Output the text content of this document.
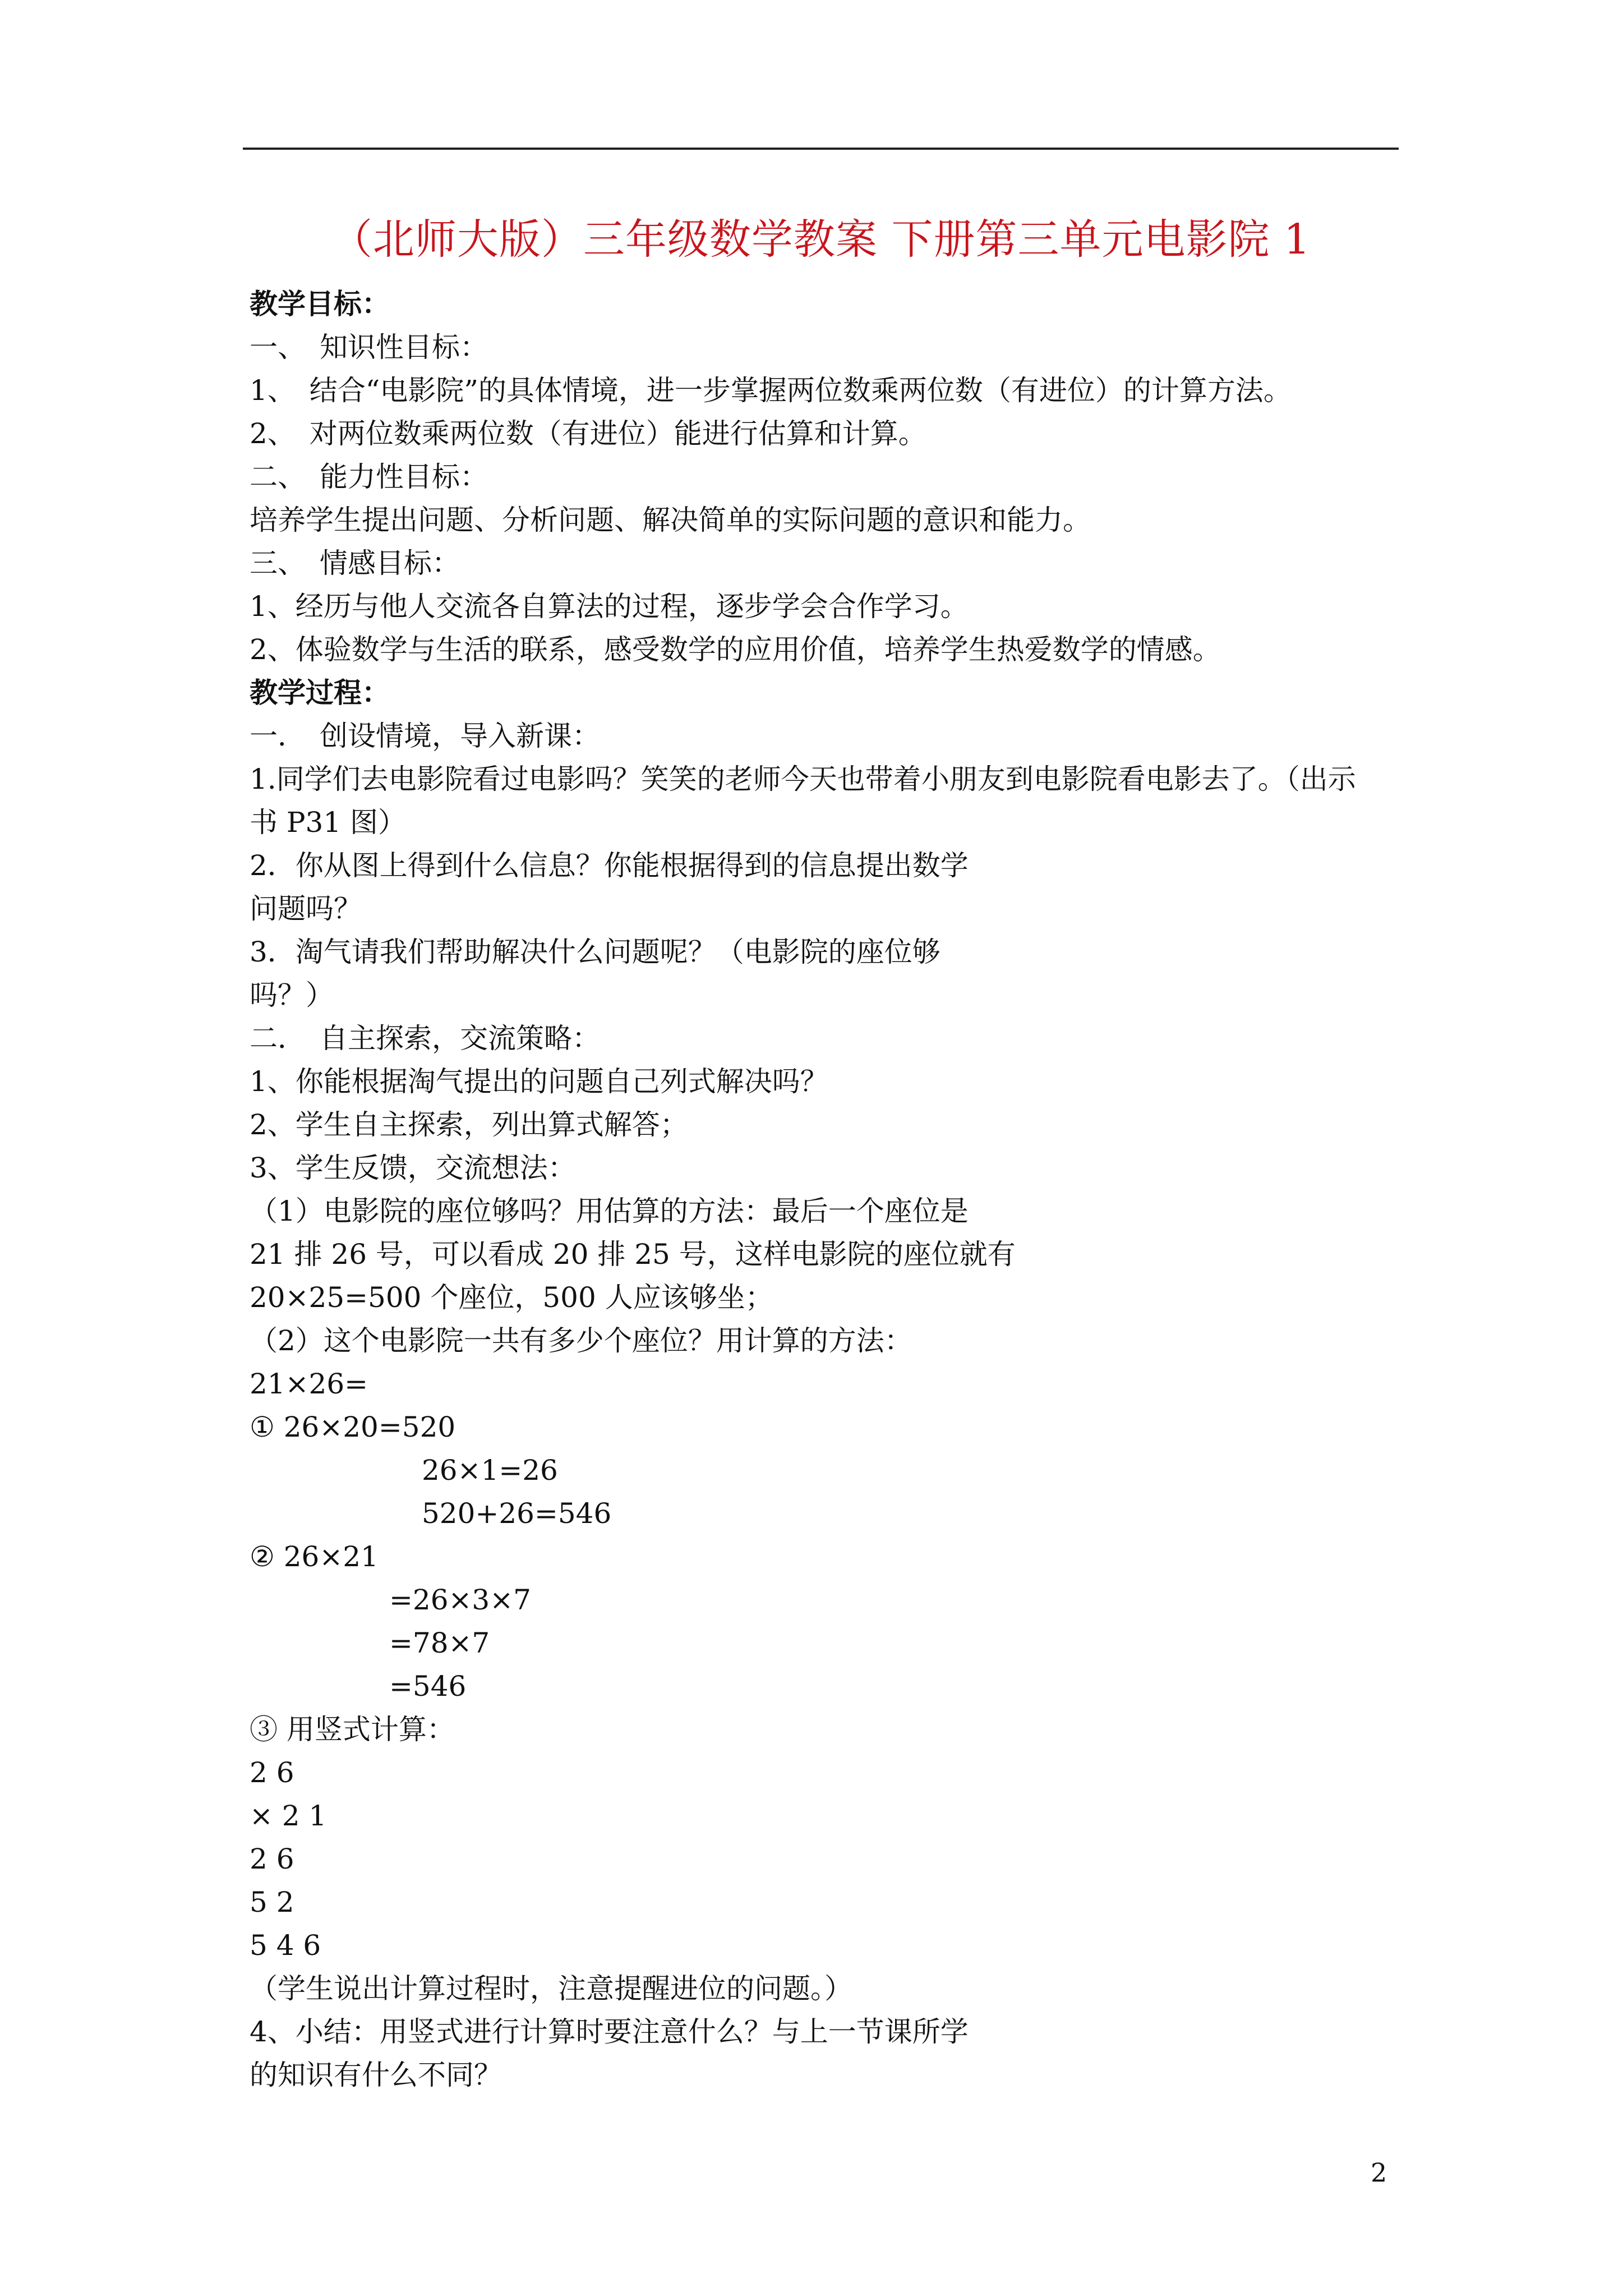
（北师大版）三年级数学教案 下册第三单元电影院 1
教学目标：
一、　知识性目标：
1、　结合“电影院”的具体情境，进一步掌握两位数乘两位数（有进位）的计算方法。
2、　对两位数乘两位数（有进位）能进行估算和计算。
二、　能力性目标：
培养学生提出问题、分析问题、解决简单的实际问题的意识和能力。
三、　情感目标：
1、经历与他人交流各自算法的过程，逐步学会合作学习。
2、体验数学与生活的联系，感受数学的应用价值，培养学生热爱数学的情感。
教学过程：
一．　创设情境，导入新课：
1.同学们去电影院看过电影吗？笑笑的老师今天也带着小朋友到电影院看电影去了。（出示
书 P31 图）
2．你从图上得到什么信息？你能根据得到的信息提出数学
问题吗？
3．淘气请我们帮助解决什么问题呢？（电影院的座位够
吗？）
二．　自主探索，交流策略：
1、你能根据淘气提出的问题自己列式解决吗？
2、学生自主探索，列出算式解答；
3、学生反馈，交流想法：
（1）电影院的座位够吗？用估算的方法：最后一个座位是
21 排 26 号，可以看成 20 排 25 号，这样电影院的座位就有
20×25=500 个座位，500 人应该够坐；
（2）这个电影院一共有多少个座位？用计算的方法：
21×26=
① 26×20=520
26×1=26
520+26=546
② 26×21
=26×3×7
=78×7
=546
③ 用竖式计算：
2 6
× 2 1
2 6
5 2
5 4 6
（学生说出计算过程时，注意提醒进位的问题。）
4、小结：用竖式进行计算时要注意什么？与上一节课所学
的知识有什么不同？
2
